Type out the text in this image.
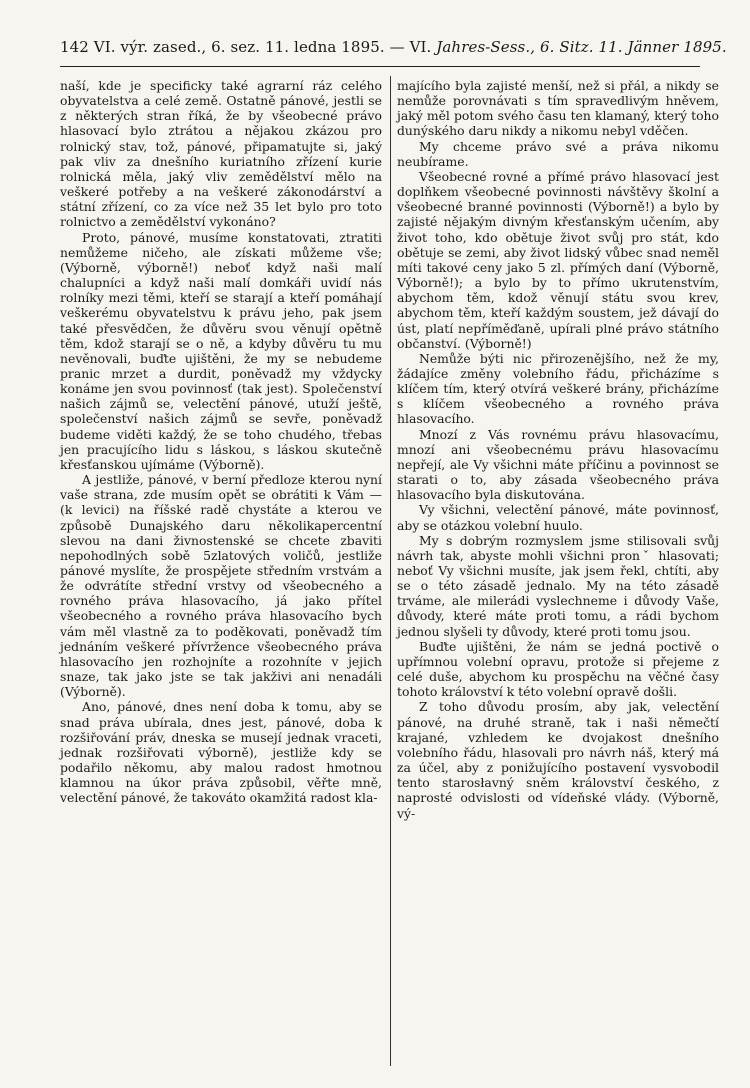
142 VI. výr. zased., 6. sez. 11. ledna 1895. — VI. Jahres-Sess., 6. Sitz. 11. Jänner 1895.

naší, kde je specificky také agrarní ráz celého obyvatelstva a celé země. Ostatně pánové, jestli se z některých stran říká, že by všeobecné právo hlasovací bylo ztrátou a nějakou zkázou pro rolnický stav, tož, pánové, připamatujte si, jaký pak vliv za dnešního kuriatního zřízení kurie rolnická měla, jaký vliv zemědělství mělo na veškeré potřeby a na veškeré zákonodárství a státní zřízení, co za více než 35 let bylo pro toto rolnictvo a zemědělství vykonáno?

Proto, pánové, musíme konstatovati, ztratiti nemůžeme ničeho, ale získati můžeme vše; (Výborně, výborně!) neboť když naši malí chalupníci a když naši malí domkáři uvidí nás rolníky mezi těmi, kteří se starají a kteří pomáhají veškerému obyvatelstvu k právu jeho, pak jsem také přesvědčen, že důvěru svou věnují opětně těm, kdož starají se o ně, a kdyby důvěru tu mu nevěnovali, buďte ujištěni, že my se nebudeme pranic mrzet a durdit, poněvadž my vždycky konáme jen svou povinnosť (tak jest). Společenství našich zájmů se, velectění pánové, utuží ještě, společenství našich zájmů se sevře, poněvadž budeme viděti každý, že se toho chudého, třebas jen pracujícího lidu s láskou, s láskou skutečně křesťanskou ujímáme (Výborně).

A jestliže, pánové, v berní předloze kterou nyní vaše strana, zde musím opět se obrátiti k Vám — (k levici) na říšské radě chystáte a kterou ve způsobě Dunajského daru několikapercentní slevou na dani živnostenské se chcete zbaviti nepohodlných sobě 5zlatových voličů, jestliže pánové myslíte, že prospějete středním vrstvám a že odvrátíte střední vrstvy od všeobecného a rovného práva hlasovacího, já jako přítel všeobecného a rovného práva hlasovacího bych vám měl vlastně za to poděkovati, poněvadž tím jednáním veškeré přívržence všeobecného práva hlasovacího jen rozhojníte a rozohníte v jejich snaze, tak jako jste se tak jakživi ani nenadáli (Výborně).

Ano, pánové, dnes není doba k tomu, aby se snad práva ubírala, dnes jest, pánové, doba k rozšiřování práv, dneska se musejí jednak vraceti, jednak rozšiřovati výborně), jestliže kdy se podařilo někomu, aby malou radost hmotnou klamnou na úkor práva způsobil, věřte mně, velectění pánové, že takováto okamžitá radost kla-

majícího byla zajisté menší, než si přál, a nikdy se nemůže porovnávati s tím spravedlivým hněvem, jaký měl potom svého času ten klamaný, který toho dunýského daru nikdy a nikomu nebyl vděčen.

My chceme právo své a práva nikomu neubírame.

Všeobecné rovné a přímé právo hlasovací jest doplňkem všeobecné povinnosti návštěvy školní a všeobecné branné povinnosti (Výborně!) a bylo by zajisté nějakým divným křesťanským učením, aby život toho, kdo obětuje život svůj pro stát, kdo obětuje se zemi, aby život lidský vůbec snad neměl míti takové ceny jako 5 zl. přímých daní (Výborně, Výborně!); a bylo by to přímo ukrutenstvím, abychom těm, kdož věnují státu svou krev, abychom těm, kteří každým soustem, jež dávají do úst, platí nepříměďaně, upírali plné právo státního občanství. (Výborně!)

Nemůže býti nic přirozenějšího, než že my, žádajíce změny volebního řádu, přicházíme s klíčem tím, který otvírá veškeré brány, přicházíme s klíčem všeobecného a rovného práva hlasovacího.

Mnozí z Vás rovnému právu hlasovacímu, mnozí ani všeobecnému právu hlasovacímu nepřejí, ale Vy všichni máte příčinu a povinnost se starati o to, aby zásada všeobecného práva hlasovacího byla diskutována.

Vy všichni, velectění pánové, máte povinnosť, aby se otázkou volební huulo.

My s dobrým rozmyslem jsme stilisovali svůj návrh tak, abyste mohli všichni pronˇ hlasovati; neboť Vy všichni musíte, jak jsem řekl, chtíti, aby se o této zásadě jednalo. My na této zásadě trváme, ale milerádi vyslechneme i důvody Vaše, důvody, které máte proti tomu, a rádi bychom jednou slyšeli ty důvody, které proti tomu jsou.

Buďte ujištěni, že nám se jedná poctivě o upřímnou volební opravu, protože si přejeme z celé duše, abychom ku prospěchu na věčné časy tohoto království k této volební opravě došli.

Z toho důvodu prosím, aby jak, velectění pánové, na druhé straně, tak i naši němečtí krajané, vzhledem ke dvojakost dnešního volebního řádu, hlasovali pro návrh náš, který má za účel, aby z ponižujícího postavení vysvobodil tento starosłavný sněm království českého, z naprosté odvislosti od vídeňské vlády. (Výborně, vý-
